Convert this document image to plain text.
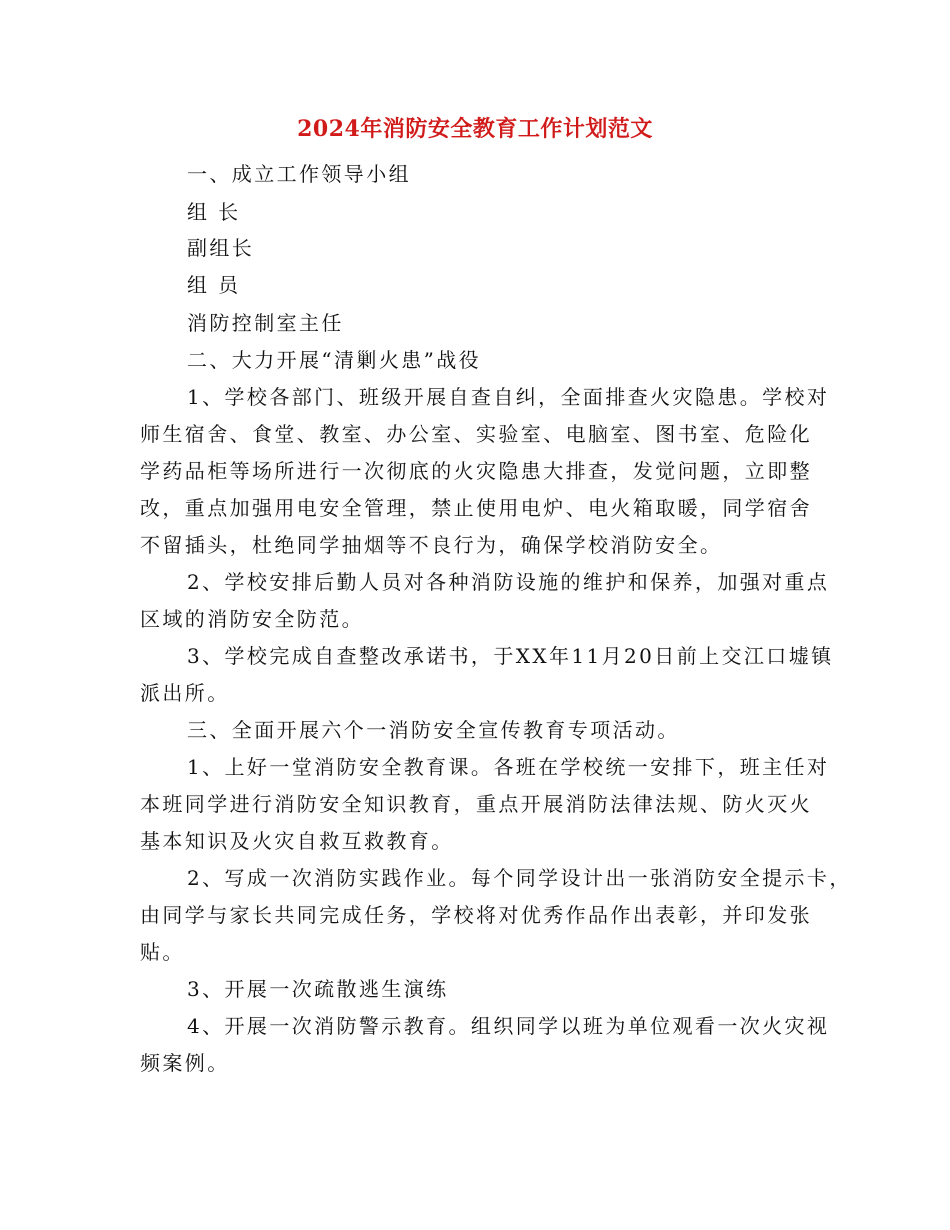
2024年消防安全教育工作计划范文
一、成立工作领导小组
组 长
副组长
组 员
消防控制室主任
二、大力开展“清剿火患”战役
1、学校各部门、班级开展自查自纠，全面排查火灾隐患。学校对
师生宿舍、食堂、教室、办公室、实验室、电脑室、图书室、危险化
学药品柜等场所进行一次彻底的火灾隐患大排查，发觉问题，立即整
改，重点加强用电安全管理，禁止使用电炉、电火箱取暖，同学宿舍
不留插头，杜绝同学抽烟等不良行为，确保学校消防安全。
2、学校安排后勤人员对各种消防设施的维护和保养，加强对重点
区域的消防安全防范。
3、学校完成自查整改承诺书，于XX年11月20日前上交江口墟镇
派出所。
三、全面开展六个一消防安全宣传教育专项活动。
1、上好一堂消防安全教育课。各班在学校统一安排下，班主任对
本班同学进行消防安全知识教育，重点开展消防法律法规、防火灭火
基本知识及火灾自救互救教育。
2、写成一次消防实践作业。每个同学设计出一张消防安全提示卡，
由同学与家长共同完成任务，学校将对优秀作品作出表彰，并印发张
贴。
3、开展一次疏散逃生演练
4、开展一次消防警示教育。组织同学以班为单位观看一次火灾视
频案例。
